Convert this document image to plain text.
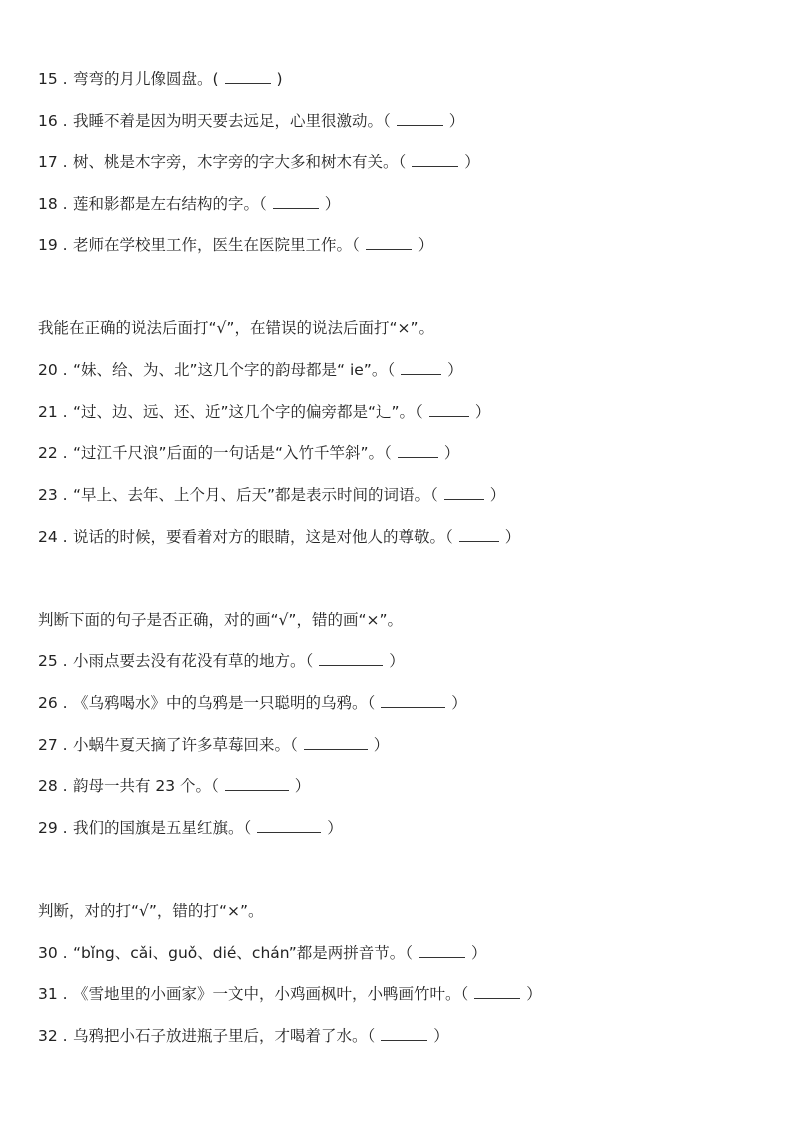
15 . 弯弯的月儿像圆盘。(	)
16 . 我睡不着是因为明天要去远足，心里很激动。（	）
17 . 树、桃是木字旁，木字旁的字大多和树木有关。（	）
18 . 莲和影都是左右结构的字。（	）
19 . 老师在学校里工作，医生在医院里工作。（	）
我能在正确的说法后面打“√”，在错误的说法后面打“×”。
20 . “妹、给、为、北”这几个字的韵母都是“ ie”。（	）
21 . “过、边、远、还、近”这几个字的偏旁都是“辶”。（	）
22 . “过江千尺浪”后面的一句话是“入竹千竿斜”。（	）
23 . “早上、去年、上个月、后天”都是表示时间的词语。（	）
24 . 说话的时候，要看着对方的眼睛，这是对他人的尊敬。（	）
判断下面的句子是否正确，对的画“√”，错的画“×”。
25 . 小雨点要去没有花没有草的地方。（	）
26 . 《乌鸦喝水》中的乌鸦是一只聪明的乌鸦。（	）
27 . 小蜗牛夏天摘了许多草莓回来。（	）
28 . 韵母一共有 23 个。（	）
29 . 我们的国旗是五星红旗。（	）
判断，对的打“√”，错的打“×”。
30 . “bǐng、cǎi、guǒ、dié、chán”都是两拼音节。（	）
31 . 《雪地里的小画家》一文中，小鸡画枫叶，小鸭画竹叶。（	）
32 . 乌鸦把小石子放进瓶子里后，才喝着了水。（	）
